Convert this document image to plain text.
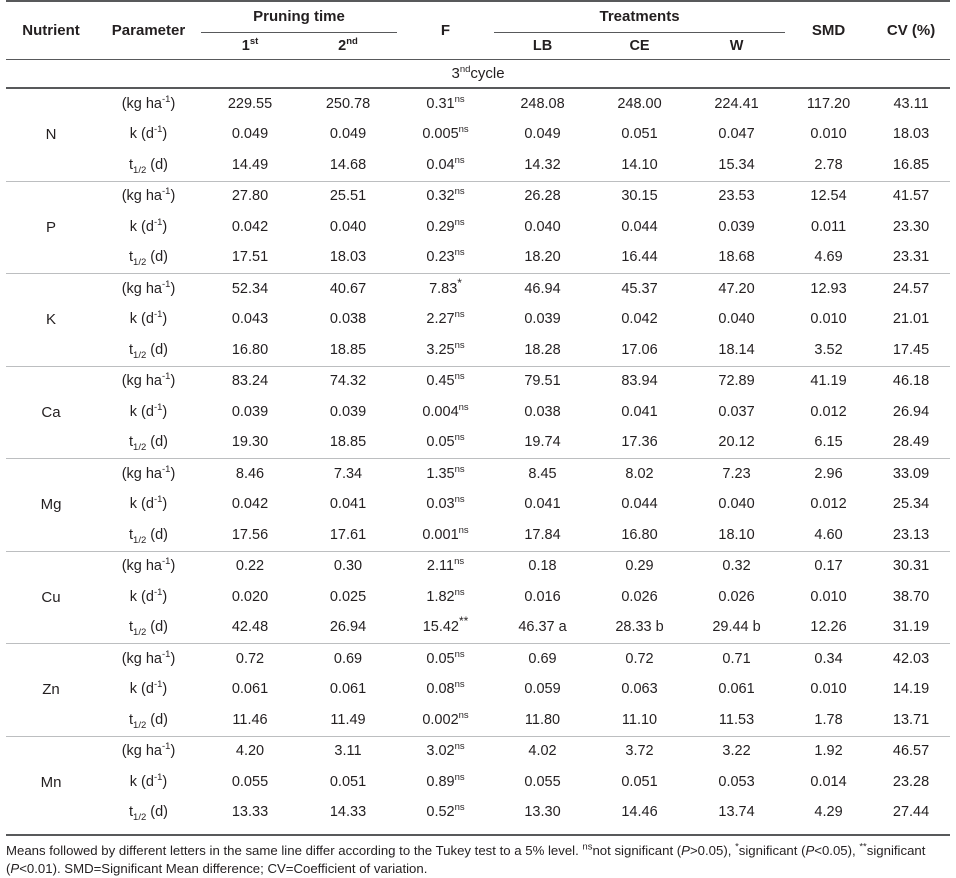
Nutrient	Parameter	Pruning time		F	Treatments			SMD	CV (%)
		1st	2nd		LB	CE	W		
3ndcycle									
N	(kg $ha^{-1}$)	229.55	250.78	$0.31^{ns}$	248.08	248.00	224.41	117.20	43.11
	k $(d^{-1})$	0.049	0.049	$0.005^{ns}$	0.049	0.051	0.047	0.010	18.03
	$t_{1/2}$ (d)	14.49	14.68	$0.04^{ns}$	14.32	14.10	15.34	2.78	16.85
P	(kg $ha^{-1}$)	27.80	25.51	$0.32^{ns}$	26.28	30.15	23.53	12.54	41.57
	k $(d^{-1})$	0.042	0.040	$0.29^{ns}$	0.040	0.044	0.039	0.011	23.30
	$t_{1/2}$ (d)	17.51	18.03	$0.23^{ns}$	18.20	16.44	18.68	4.69	23.31
K	(kg $ha^{-1}$)	52.34	40.67	7.83*	46.94	45.37	47.20	12.93	24.57
	k $(d^{-1})$	0.043	0.038	$2.27^{ns}$	0.039	0.042	0.040	0.010	21.01
	$t_{1/2}$ (d)	16.80	18.85	$3.25^{ns}$	18.28	17.06	18.14	3.52	17.45
Ca	(kg $ha^{-1}$)	83.24	74.32	$0.45^{ns}$	79.51	83.94	72.89	41.19	46.18
	k $(d^{-1})$	0.039	0.039	$0.004^{ns}$	0.038	0.041	0.037	0.012	26.94
	$t_{1/2}$ (d)	19.30	18.85	$0.05^{ns}$	19.74	17.36	20.12	6.15	28.49
Mg	(kg $ha^{-1}$)	8.46	7.34	$1.35^{ns}$	8.45	8.02	7.23	2.96	33.09
	k $(d^{-1})$	0.042	0.041	$0.03^{ns}$	0.041	0.044	0.040	0.012	25.34
	$t_{1/2}$ (d)	17.56	17.61	$0.001^{ns}$	17.84	16.80	18.10	4.60	23.13
Cu	(kg $ha^{-1}$)	0.22	0.30	$2.11^{ns}$	0.18	0.29	0.32	0.17	30.31
	k $(d^{-1})$	0.020	0.025	$1.82^{ns}$	0.016	0.026	0.026	0.010	38.70
	$t_{1/2}$ (d)	42.48	26.94	15.42**	46.37 a	28.33 b	29.44 b	12.26	31.19
Zn	(kg $ha^{-1}$)	0.72	0.69	$0.05^{ns}$	0.69	0.72	0.71	0.34	42.03
	k $(d^{-1})$	0.061	0.061	$0.08^{ns}$	0.059	0.063	0.061	0.010	14.19
	$t_{1/2}$ (d)	11.46	11.49	$0.002^{ns}$	11.80	11.10	11.53	1.78	13.71
Mn	(kg $ha^{-1}$)	4.20	3.11	$3.02^{ns}$	4.02	3.72	3.22	1.92	46.57
	k $(d^{-1})$	0.055	0.051	$0.89^{ns}$	0.055	0.051	0.053	0.014	23.28
	$t_{1/2}$ (d)	13.33	14.33	$0.52^{ns}$	13.30	14.46	13.74	4.29	27.44
Means followed by different letters in the same line differ according to the Tukey test to a 5% level. $^{ns}$not significant (P>0.05), *significant (P<0.05), **significant (P<0.01). SMD=Significant Mean difference; CV=Coefficient of variation.
